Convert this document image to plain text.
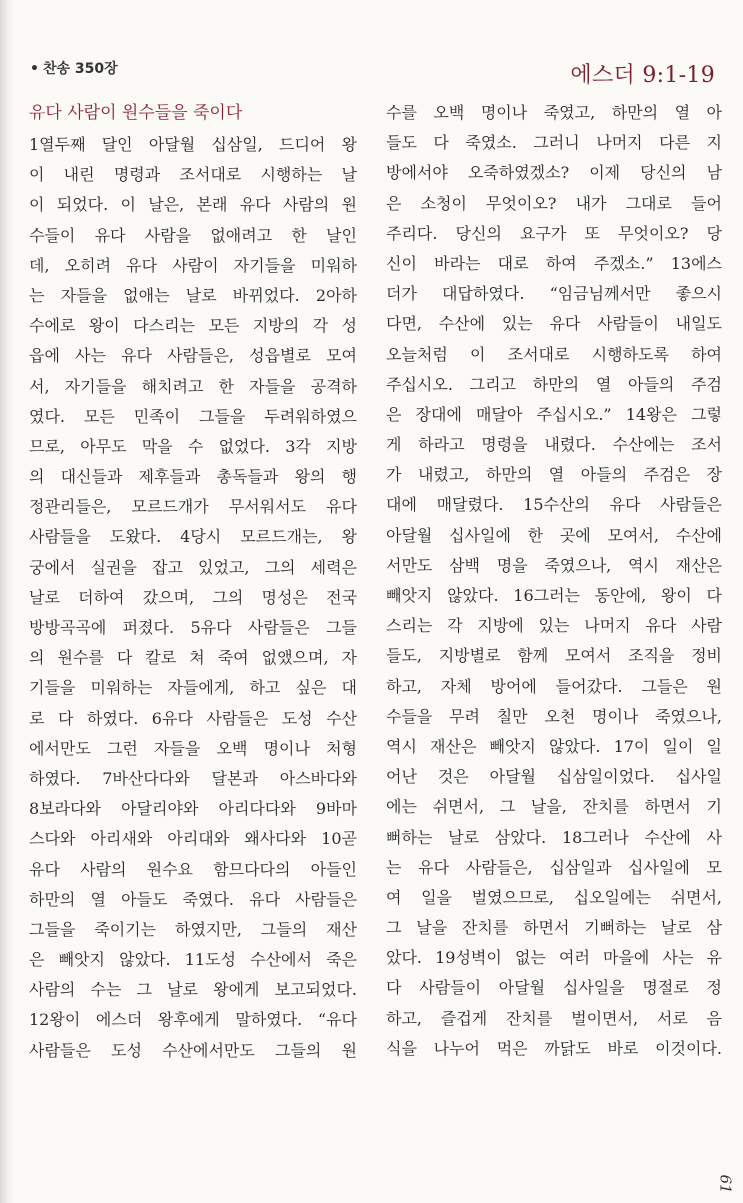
• 찬송 350장	에스더 9:1-19
유다 사람이 원수들을 죽이다
1열두째 달인 아달월 십삼일, 드디어 왕
이 내린 명령과 조서대로 시행하는 날
이 되었다. 이 날은, 본래 유다 사람의 원
수들이 유다 사람을 없애려고 한 날인
데, 오히려 유다 사람이 자기들을 미워하
는 자들을 없애는 날로 바뀌었다. 2아하
수에로 왕이 다스리는 모든 지방의 각 성
읍에 사는 유다 사람들은, 성읍별로 모여
서, 자기들을 해치려고 한 자들을 공격하
였다. 모든 민족이 그들을 두려워하였으
므로, 아무도 막을 수 없었다. 3각 지방
의 대신들과 제후들과 총독들과 왕의 행
정관리들은, 모르드개가 무서워서도 유다
사람들을 도왔다. 4당시 모르드개는, 왕
궁에서 실권을 잡고 있었고, 그의 세력은
날로 더하여 갔으며, 그의 명성은 전국
방방곡곡에 퍼졌다. 5유다 사람들은 그들
의 원수를 다 칼로 쳐 죽여 없앴으며, 자
기들을 미워하는 자들에게, 하고 싶은 대
로 다 하였다. 6유다 사람들은 도성 수산
에서만도 그런 자들을 오백 명이나 처형
하였다. 7바산다다와 달본과 아스바다와
8보라다와 아달리야와 아리다다와 9바마
스다와 아리새와 아리대와 왜사다와 10곧
유다 사람의 원수요 함므다다의 아들인
하만의 열 아들도 죽였다. 유다 사람들은
그들을 죽이기는 하였지만, 그들의 재산
은 빼앗지 않았다. 11도성 수산에서 죽은
사람의 수는 그 날로 왕에게 보고되었다.
12왕이 에스더 왕후에게 말하였다. “유다
사람들은 도성 수산에서만도 그들의 원
수를 오백 명이나 죽였고, 하만의 열 아
들도 다 죽였소. 그러니 나머지 다른 지
방에서야 오죽하였겠소? 이제 당신의 남
은 소청이 무엇이오? 내가 그대로 들어
주리다. 당신의 요구가 또 무엇이오? 당
신이 바라는 대로 하여 주겠소.” 13에스
더가 대답하였다. “임금님께서만 좋으시
다면, 수산에 있는 유다 사람들이 내일도
오늘처럼 이 조서대로 시행하도록 하여
주십시오. 그리고 하만의 열 아들의 주검
은 장대에 매달아 주십시오.” 14왕은 그렇
게 하라고 명령을 내렸다. 수산에는 조서
가 내렸고, 하만의 열 아들의 주검은 장
대에 매달렸다. 15수산의 유다 사람들은
아달월 십사일에 한 곳에 모여서, 수산에
서만도 삼백 명을 죽였으나, 역시 재산은
빼앗지 않았다. 16그러는 동안에, 왕이 다
스리는 각 지방에 있는 나머지 유다 사람
들도, 지방별로 함께 모여서 조직을 정비
하고, 자체 방어에 들어갔다. 그들은 원
수들을 무려 칠만 오천 명이나 죽였으나,
역시 재산은 빼앗지 않았다. 17이 일이 일
어난 것은 아달월 십삼일이었다. 십사일
에는 쉬면서, 그 날을, 잔치를 하면서 기
뻐하는 날로 삼았다. 18그러나 수산에 사
는 유다 사람들은, 십삼일과 십사일에 모
여 일을 벌였으므로, 십오일에는 쉬면서,
그 날을 잔치를 하면서 기뻐하는 날로 삼
았다. 19성벽이 없는 여러 마을에 사는 유
다 사람들이 아달월 십사일을 명절로 정
하고, 즐겁게 잔치를 벌이면서, 서로 음
식을 나누어 먹은 까닭도 바로 이것이다.
61
